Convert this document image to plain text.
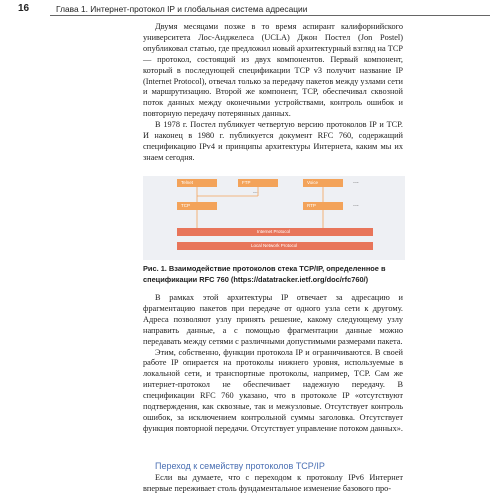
16	Глава 1. Интернет-протокол IP и глобальная система адресации

Двумя месяцами позже в то время аспирант калифорнийского университета Лос-Анджелеса (UCLA) Джон Постел (Jon Postel) опубликовал статью, где предложил новый архитектурный взгляд на TCP — протокол, состоящий из двух компонентов. Первый компонент, который в последующей спецификации TCP v3 получит название IP (Internet Protocol), отвечал только за передачу пакетов между узлами сети и маршрутизацию. Второй же компонент, TCP, обеспечивал сквозной поток данных между оконечными устройствами, контроль ошибок и повторную передачу потерянных данных.

В 1978 г. Постел публикует четвертую версию протоколов IP и TCP. И наконец в 1980 г. публикуется документ RFC 760, содержащий спецификацию IPv4 и принципы архитектуры Интернета, каким мы их знаем сегодня.

Telnet	FTP	Voice	...
...
TCP	RTP	...
Internet Protocol
Local Network Protocol
Рис. 1. Взаимодействие протоколов стека TCP/IP, определенное в спецификации RFC 760 (https://datatracker.ietf.org/doc/rfc760/)

В рамках этой архитектуры IP отвечает за адресацию и фрагментацию пакетов при передаче от одного узла сети к другому. Адреса позволяют узлу принять решение, какому следующему узлу направить данные, а с помощью фрагментации данные можно передавать между сетями с различными допустимыми размерами пакета.

Этим, собственно, функции протокола IP и ограничиваются. В своей работе IP опирается на протоколы нижнего уровня, используемые в локальной сети, и транспортные протоколы, например, TCP. Сам же интернет-протокол не обеспечивает надежную передачу. В спецификации RFC 760 указано, что в протоколе IP «отсутствуют подтверждения, как сквозные, так и межузловые. Отсутствует контроль ошибок, за исключением контрольной суммы заголовка. Отсутствует функция повторной передачи. Отсутствует управление потоком данных».

Переход к семейству протоколов TCP/IP

Если вы думаете, что с переходом к протоколу IPv6 Интернет впервые переживает столь фундаментальное изменение базового про-
